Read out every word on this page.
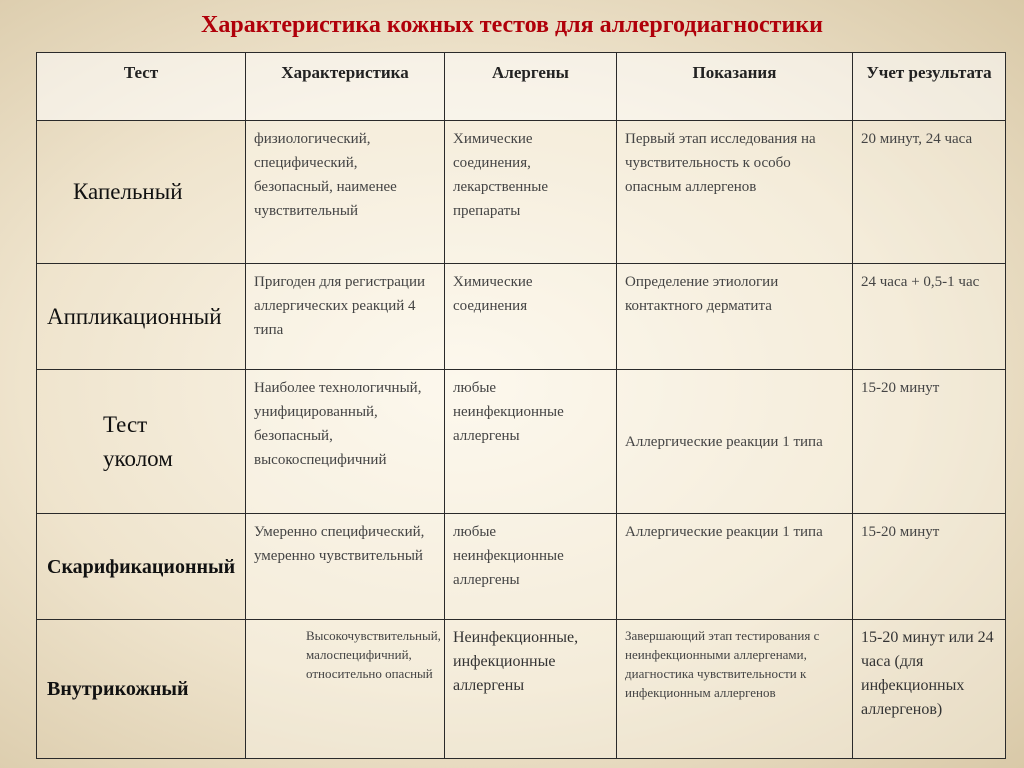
Характеристика кожных тестов для аллергодиагностики
Тест	Характеристика	Алергены	Показания	Учет результата
Капельный	физиологический, специфический, безопасный, наименее чувствительный	Химические соединения, лекарственные препараты	Первый этап исследования на чувствительность к особо опасным аллергенов	20 минут, 24 часа
Аппликационный	Пригоден для регистрации аллергических реакций 4 типа	Химические соединения	Определение этиологии контактного дерматита	24 часа + 0,5-1 час
Тест уколом	Наиболее технологичный, унифицированный, безопасный, высокоспецифичний	любые неинфекционные аллергены	Аллергические реакции 1 типа	15-20 минут
Скарификационный	Умеренно специфический, умеренно чувствительный	любые неинфекционные аллергены	Аллергические реакции 1 типа	15-20 минут
Внутрикожный	Высокочувствительный, малоспецифичний, относительно опасный	Неинфекционные, инфекционные аллергены	Завершающий этап тестирования с неинфекционными аллергенами, диагностика чувствительности к инфекционным аллергенов	15-20 минут или 24 часа (для инфекционных аллергенов)
